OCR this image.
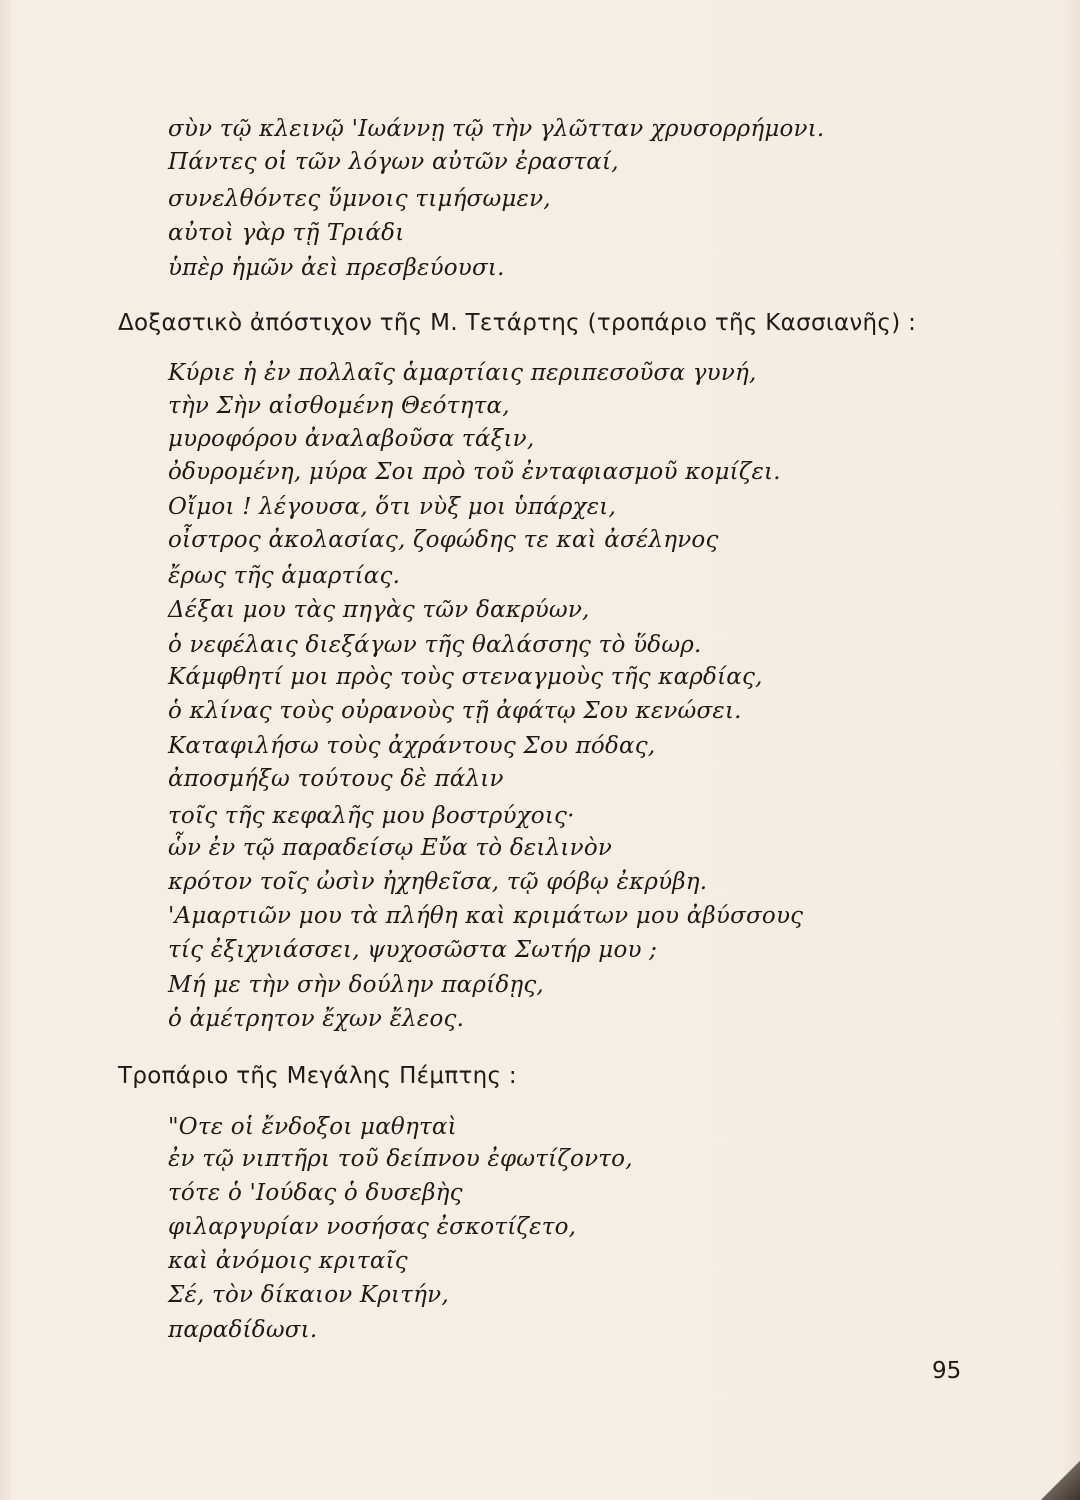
σὺν τῷ κλεινῷ 'Ιωάννῃ τῷ τὴν γλῶτταν χρυσορρήμονι.
Πάντες οἱ τῶν λόγων αὐτῶν ἐρασταί,
συνελθόντες ὕμνοις τιμήσωμεν,
αὐτοὶ γὰρ τῇ Τριάδι
ὑπὲρ ἡμῶν ἀεὶ πρεσβεύουσι.
Δοξαστικὸ ἀπόστιχον τῆς Μ. Τετάρτης (τροπάριο τῆς Κασσιανῆς) :
Κύριε ἡ ἐν πολλαῖς ἁμαρτίαις περιπεσοῦσα γυνή,
τὴν Σὴν αἰσθομένη Θεότητα,
μυροφόρου ἀναλαβοῦσα τάξιν,
ὀδυρομένη, μύρα Σοι πρὸ τοῦ ἐνταφιασμοῦ κομίζει.
Οἴμοι ! λέγουσα, ὅτι νὺξ μοι ὑπάρχει,
οἶστρος ἀκολασίας, ζοφώδης τε καὶ ἀσέληνος
ἔρως τῆς ἁμαρτίας.
Δέξαι μου τὰς πηγὰς τῶν δακρύων,
ὁ νεφέλαις διεξάγων τῆς θαλάσσης τὸ ὕδωρ.
Κάμφθητί μοι πρὸς τοὺς στεναγμοὺς τῆς καρδίας,
ὁ κλίνας τοὺς οὐρανοὺς τῇ ἀφάτῳ Σου κενώσει.
Καταφιλήσω τοὺς ἀχράντους Σου πόδας,
ἀποσμήξω τούτους δὲ πάλιν
τοῖς τῆς κεφαλῆς μου βοστρύχοις·
ὧν ἐν τῷ παραδείσῳ Εὔα τὸ δειλινὸν
κρότον τοῖς ὠσὶν ἠχηθεῖσα, τῷ φόβῳ ἐκρύβη.
'Αμαρτιῶν μου τὰ πλήθη καὶ κριμάτων μου ἀβύσσους
τίς ἐξιχνιάσσει, ψυχοσῶστα Σωτήρ μου ;
Μή με τὴν σὴν δούλην παρίδῃς,
ὁ ἀμέτρητον ἔχων ἔλεος.
Τροπάριο τῆς Μεγάλης Πέμπτης :
"Οτε οἱ ἔνδοξοι μαθηταὶ
ἐν τῷ νιπτῆρι τοῦ δείπνου ἐφωτίζοντο,
τότε ὁ 'Ιούδας ὁ δυσεβὴς
φιλαργυρίαν νοσήσας ἐσκοτίζετο,
καὶ ἀνόμοις κριταῖς
Σέ, τὸν δίκαιον Κριτήν,
παραδίδωσι.
95
